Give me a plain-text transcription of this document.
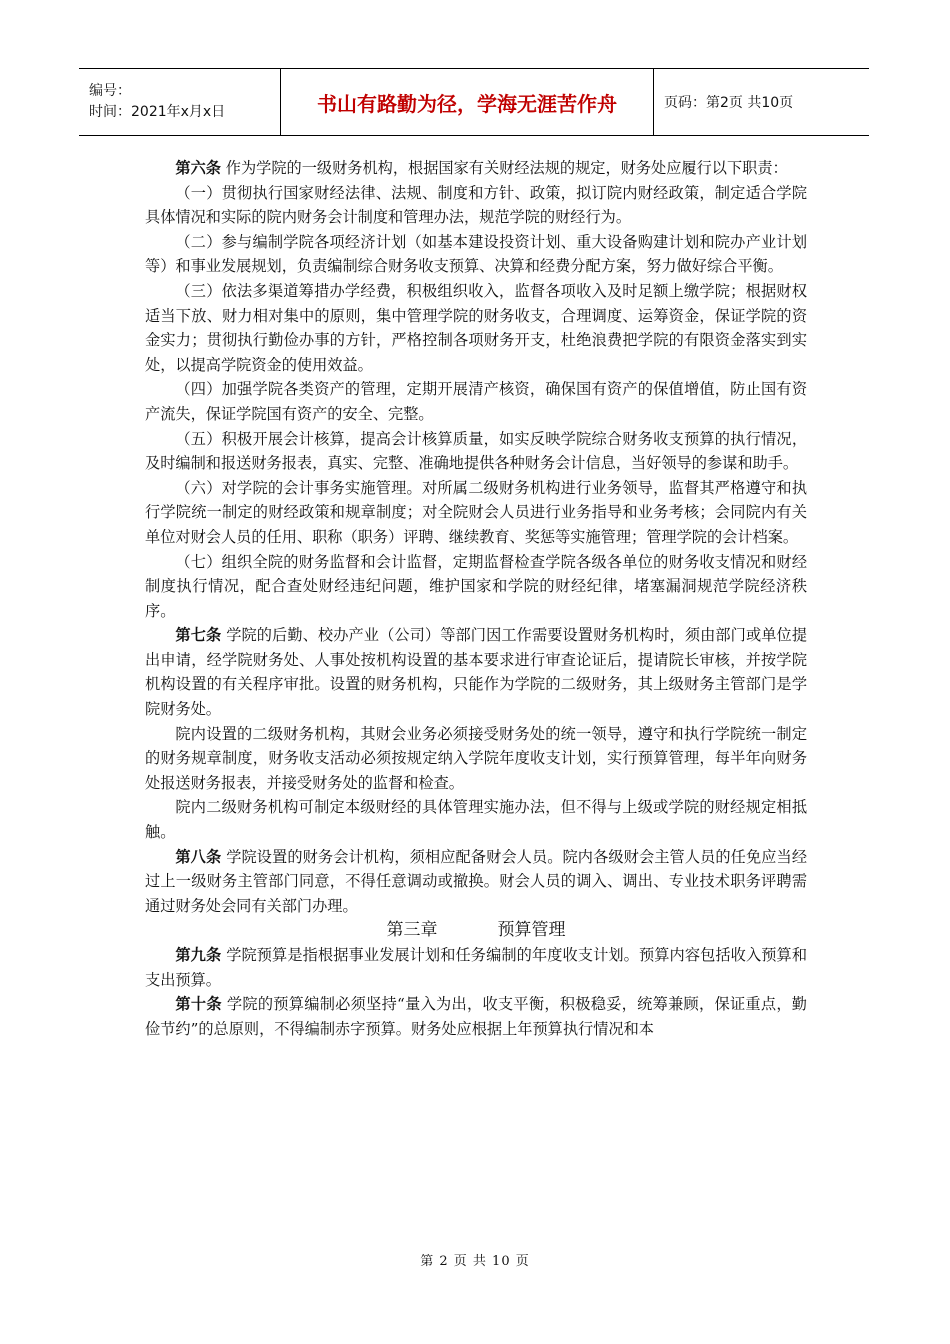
编号：
时间：2021年x月x日	书山有路勤为径，学海无涯苦作舟	页码：第2页 共10页

第六条 作为学院的一级财务机构，根据国家有关财经法规的规定，财务处应履行以下职责：

（一）贯彻执行国家财经法律、法规、制度和方针、政策，拟订院内财经政策，制定适合学院具体情况和实际的院内财务会计制度和管理办法，规范学院的财经行为。

（二）参与编制学院各项经济计划（如基本建设投资计划、重大设备购建计划和院办产业计划等）和事业发展规划，负责编制综合财务收支预算、决算和经费分配方案，努力做好综合平衡。

（三）依法多渠道筹措办学经费，积极组织收入，监督各项收入及时足额上缴学院；根据财权适当下放、财力相对集中的原则，集中管理学院的财务收支，合理调度、运筹资金，保证学院的资金实力；贯彻执行勤俭办事的方针，严格控制各项财务开支，杜绝浪费把学院的有限资金落实到实处，以提高学院资金的使用效益。

（四）加强学院各类资产的管理，定期开展清产核资，确保国有资产的保值增值，防止国有资产流失，保证学院国有资产的安全、完整。

（五）积极开展会计核算，提高会计核算质量，如实反映学院综合财务收支预算的执行情况，及时编制和报送财务报表，真实、完整、准确地提供各种财务会计信息，当好领导的参谋和助手。

（六）对学院的会计事务实施管理。对所属二级财务机构进行业务领导，监督其严格遵守和执行学院统一制定的财经政策和规章制度；对全院财会人员进行业务指导和业务考核；会同院内有关单位对财会人员的任用、职称（职务）评聘、继续教育、奖惩等实施管理；管理学院的会计档案。

（七）组织全院的财务监督和会计监督，定期监督检查学院各级各单位的财务收支情况和财经制度执行情况，配合查处财经违纪问题，维护国家和学院的财经纪律，堵塞漏洞规范学院经济秩序。

第七条 学院的后勤、校办产业（公司）等部门因工作需要设置财务机构时，须由部门或单位提出申请，经学院财务处、人事处按机构设置的基本要求进行审查论证后，提请院长审核，并按学院机构设置的有关程序审批。设置的财务机构，只能作为学院的二级财务，其上级财务主管部门是学院财务处。

院内设置的二级财务机构，其财会业务必须接受财务处的统一领导，遵守和执行学院统一制定的财务规章制度，财务收支活动必须按规定纳入学院年度收支计划，实行预算管理，每半年向财务处报送财务报表，并接受财务处的监督和检查。

院内二级财务机构可制定本级财经的具体管理实施办法，但不得与上级或学院的财经规定相抵触。

第八条 学院设置的财务会计机构，须相应配备财会人员。院内各级财会主管人员的任免应当经过上一级财务主管部门同意，不得任意调动或撤换。财会人员的调入、调出、专业技术职务评聘需通过财务处会同有关部门办理。

第三章	预算管理

第九条 学院预算是指根据事业发展计划和任务编制的年度收支计划。预算内容包括收入预算和支出预算。

第十条 学院的预算编制必须坚持“量入为出，收支平衡，积极稳妥，统筹兼顾，保证重点，勤俭节约”的总原则，不得编制赤字预算。财务处应根据上年预算执行情况和本

第 2 页 共 10 页
